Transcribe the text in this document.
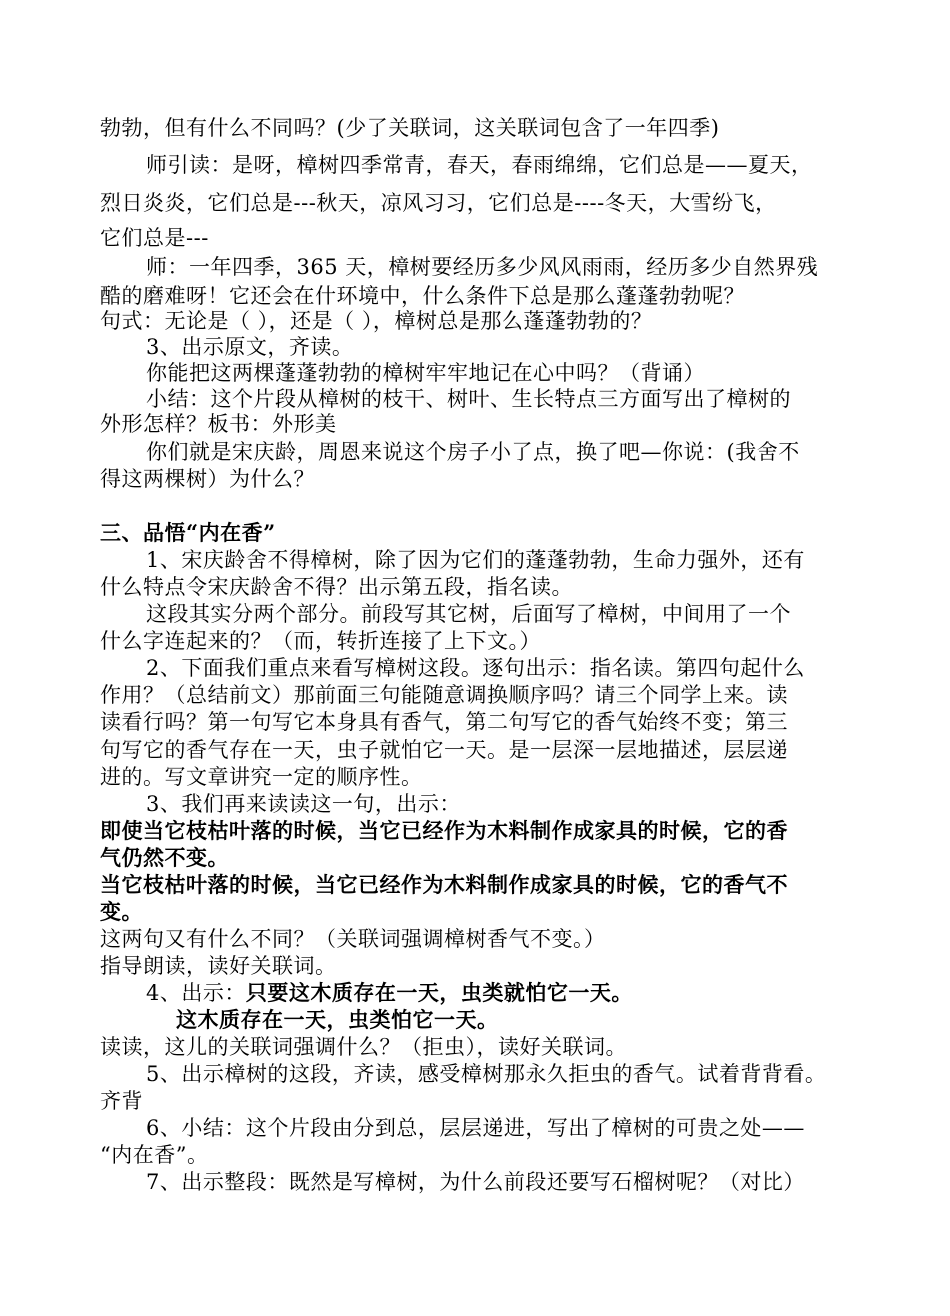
勃勃，但有什么不同吗？(少了关联词，这关联词包含了一年四季)
师引读：是呀，樟树四季常青，春天，春雨绵绵，它们总是——夏天，
烈日炎炎，它们总是---秋天，凉风习习，它们总是----冬天，大雪纷飞，
它们总是---
师：一年四季，365 天，樟树要经历多少风风雨雨，经历多少自然界残
酷的磨难呀！它还会在什环境中，什么条件下总是那么蓬蓬勃勃呢？
句式：无论是（ ），还是（ ），樟树总是那么蓬蓬勃勃的？
3、出示原文，齐读。
你能把这两棵蓬蓬勃勃的樟树牢牢地记在心中吗？（背诵）
小结：这个片段从樟树的枝干、树叶、生长特点三方面写出了樟树的
外形怎样？板书：外形美
你们就是宋庆龄，周恩来说这个房子小了点，换了吧—你说：(我舍不
得这两棵树）为什么？
三、品悟“内在香”
1、宋庆龄舍不得樟树，除了因为它们的蓬蓬勃勃，生命力强外，还有
什么特点令宋庆龄舍不得？出示第五段，指名读。
这段其实分两个部分。前段写其它树，后面写了樟树，中间用了一个
什么字连起来的？（而，转折连接了上下文。）
2、下面我们重点来看写樟树这段。逐句出示：指名读。第四句起什么
作用？（总结前文）那前面三句能随意调换顺序吗？请三个同学上来。读
读看行吗？第一句写它本身具有香气，第二句写它的香气始终不变；第三
句写它的香气存在一天，虫子就怕它一天。是一层深一层地描述，层层递
进的。写文章讲究一定的顺序性。
3、我们再来读读这一句，出示：
即使当它枝枯叶落的时候，当它已经作为木料制作成家具的时候，它的香
气仍然不变。
当它枝枯叶落的时候，当它已经作为木料制作成家具的时候，它的香气不
变。
这两句又有什么不同？（关联词强调樟树香气不变。）
指导朗读，读好关联词。
4、出示：只要这木质存在一天，虫类就怕它一天。
这木质存在一天，虫类怕它一天。
读读，这儿的关联词强调什么？（拒虫），读好关联词。
5、出示樟树的这段，齐读，感受樟树那永久拒虫的香气。试着背背看。
齐背
6、小结：这个片段由分到总，层层递进，写出了樟树的可贵之处——
“内在香”。
7、出示整段：既然是写樟树，为什么前段还要写石榴树呢？（对比）
